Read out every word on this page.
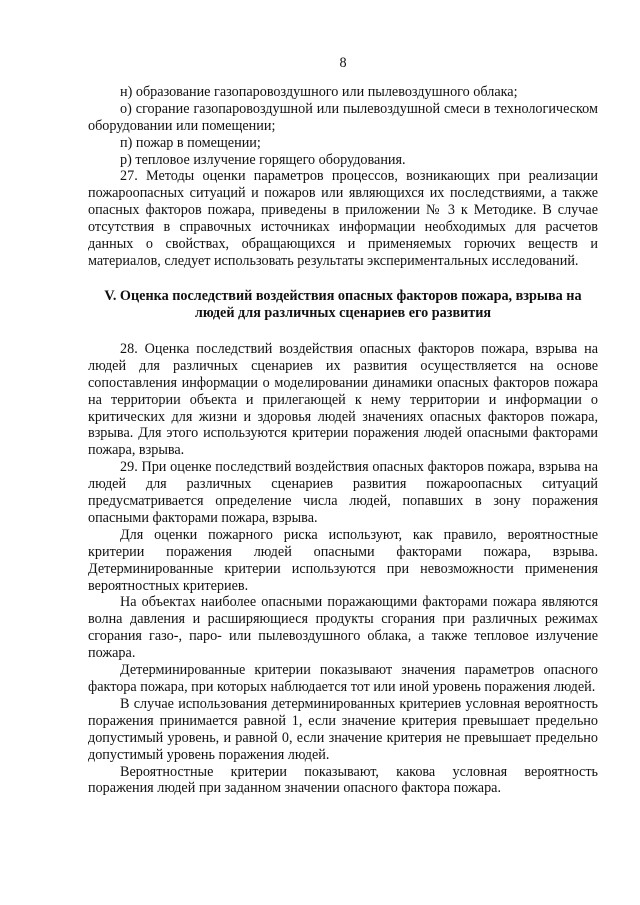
8

н) образование газопаровоздушного или пылевоздушного облака;

о) сгорание газопаровоздушной или пылевоздушной смеси в технологическом оборудовании или помещении;

п) пожар в помещении;

р) тепловое излучение горящего оборудования.

27. Методы оценки параметров процессов, возникающих при реализации пожароопасных ситуаций и пожаров или являющихся их последствиями, а также опасных факторов пожара, приведены в приложении № 3 к Методике. В случае отсутствия в справочных источниках информации необходимых для расчетов данных о свойствах, обращающихся и применяемых горючих веществ и материалов, следует использовать результаты экспериментальных исследований.

V. Оценка последствий воздействия опасных факторов пожара, взрыва на
людей для различных сценариев его развития

28. Оценка последствий воздействия опасных факторов пожара, взрыва на людей для различных сценариев их развития осуществляется на основе сопоставления информации о моделировании динамики опасных факторов пожара на территории объекта и прилегающей к нему территории и информации о критических для жизни и здоровья людей значениях опасных факторов пожара, взрыва. Для этого используются критерии поражения людей опасными факторами пожара, взрыва.

29. При оценке последствий воздействия опасных факторов пожара, взрыва на людей для различных сценариев развития пожароопасных ситуаций предусматривается определение числа людей, попавших в зону поражения опасными факторами пожара, взрыва.

Для оценки пожарного риска используют, как правило, вероятностные критерии поражения людей опасными факторами пожара, взрыва. Детерминированные критерии используются при невозможности применения вероятностных критериев.

На объектах наиболее опасными поражающими факторами пожара являются волна давления и расширяющиеся продукты сгорания при различных режимах сгорания газо-, паро- или пылевоздушного облака, а также тепловое излучение пожара.

Детерминированные критерии показывают значения параметров опасного фактора пожара, при которых наблюдается тот или иной уровень поражения людей.

В случае использования детерминированных критериев условная вероятность поражения принимается равной 1, если значение критерия превышает предельно допустимый уровень, и равной 0, если значение критерия не превышает предельно допустимый уровень поражения людей.

Вероятностные критерии показывают, какова условная вероятность поражения людей при заданном значении опасного фактора пожара.
